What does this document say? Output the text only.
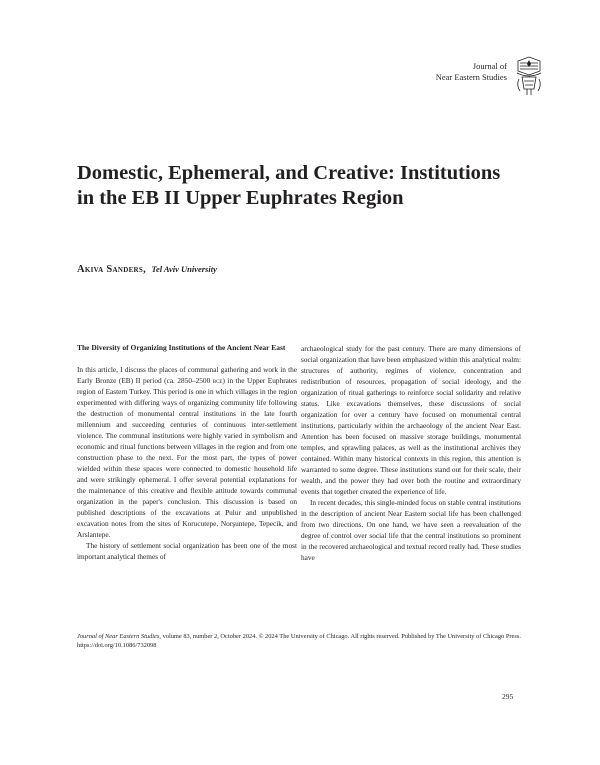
Journal of
Near Eastern Studies
Domestic, Ephemeral, and Creative: Institutions in the EB II Upper Euphrates Region
Akiva Sanders, Tel Aviv University
The Diversity of Organizing Institutions of the Ancient Near East

In this article, I discuss the places of communal gathering and work in the Early Bronze (EB) II period (ca. 2850–2500 bce) in the Upper Euphrates region of Eastern Turkey. This period is one in which villages in the region experimented with differing ways of organizing community life following the destruction of monumental central institutions in the late fourth millennium and succeeding centuries of continuous inter-settlement violence. The communal institutions were highly varied in symbolism and economic and ritual functions between villages in the region and from one construction phase to the next. For the most part, the types of power wielded within these spaces were connected to domestic household life and were strikingly ephemeral. I offer several potential explanations for the maintenance of this creative and flexible attitude towards communal organization in the paper's conclusion. This discussion is based on published descriptions of the excavations at Pulur and unpublished excavation notes from the sites of Korucutepe, Norşuntepe, Tepecik, and Arslantepe.

The history of settlement social organization has been one of the most important analytical themes of

archaeological study for the past century. There are many dimensions of social organization that have been emphasized within this analytical realm: structures of authority, regimes of violence, concentration and redistribution of resources, propagation of social ideology, and the organization of ritual gatherings to reinforce social solidarity and relative status. Like excavations themselves, these discussions of social organization for over a century have focused on monumental central institutions, particularly within the archaeology of the ancient Near East. Attention has been focused on massive storage buildings, monumental temples, and sprawling palaces, as well as the institutional archives they contained. Within many historical contexts in this region, this attention is warranted to some degree. These institutions stand out for their scale, their wealth, and the power they had over both the routine and extraordinary events that together created the experience of life.

In recent decades, this single-minded focus on stable central institutions in the description of ancient Near Eastern social life has been challenged from two directions. On one hand, we have seen a reevaluation of the degree of control over social life that the central institutions so prominent in the recovered archaeological and textual record really had. These studies have

Journal of Near Eastern Studies, volume 83, number 2, October 2024. © 2024 The University of Chicago. All rights reserved. Published by The University of Chicago Press. https://doi.org/10.1086/732098
295
